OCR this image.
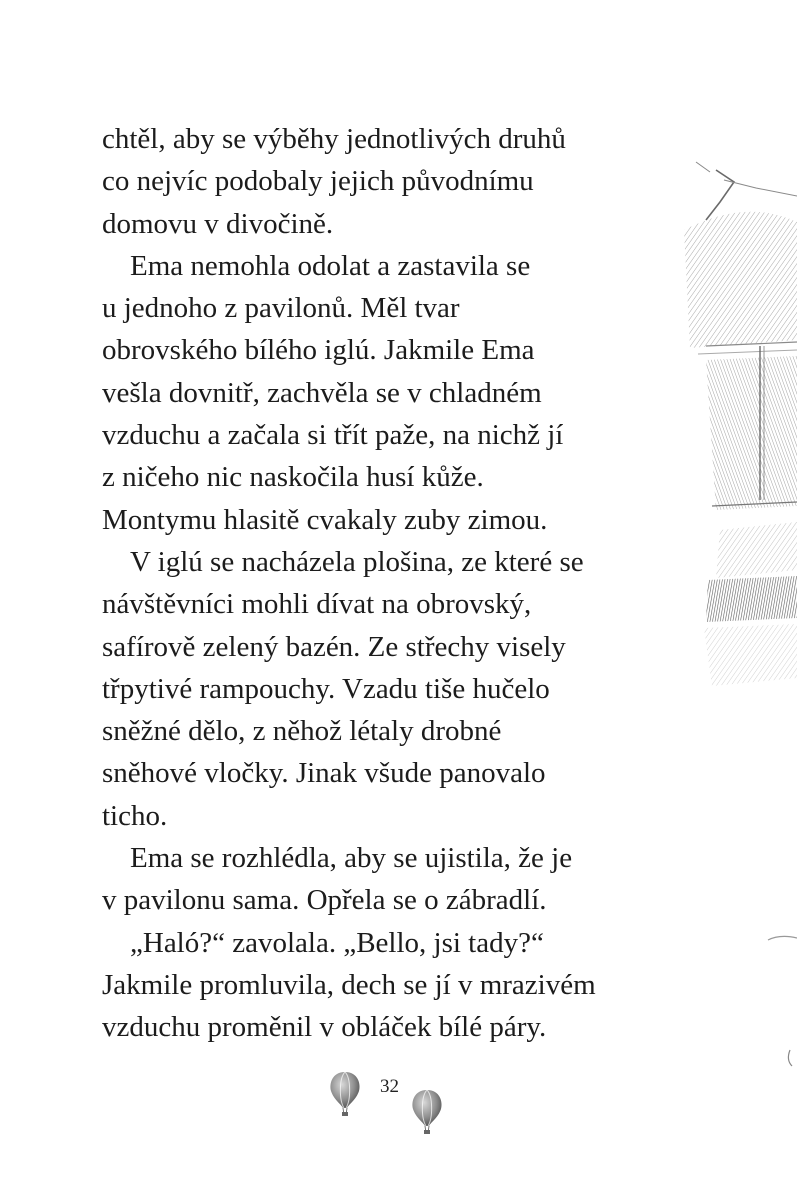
chtěl, aby se výběhy jednotlivých druhů
co nejvíc podobaly jejich původnímu
domovu v divočině.
Ema nemohla odolat a zastavila se
u jednoho z pavilonů. Měl tvar
obrovského bílého iglú. Jakmile Ema
vešla dovnitř, zachvěla se v chladném
vzduchu a začala si třít paže, na nichž jí
z ničeho nic naskočila husí kůže.
Montymu hlasitě cvakaly zuby zimou.
V iglú se nacházela plošina, ze které se
návštěvníci mohli dívat na obrovský,
safírově zelený bazén. Ze střechy visely
třpytivé rampouchy. Vzadu tiše hučelo
sněžné dělo, z něhož létaly drobné
sněhové vločky. Jinak všude panovalo
ticho.
Ema se rozhlédla, aby se ujistila, že je
v pavilonu sama. Opřela se o zábradlí.
„Haló?“ zavolala. „Bello, jsi tady?“
Jakmile promluvila, dech se jí v mrazivém
vzduchu proměnil v obláček bílé páry.
32
